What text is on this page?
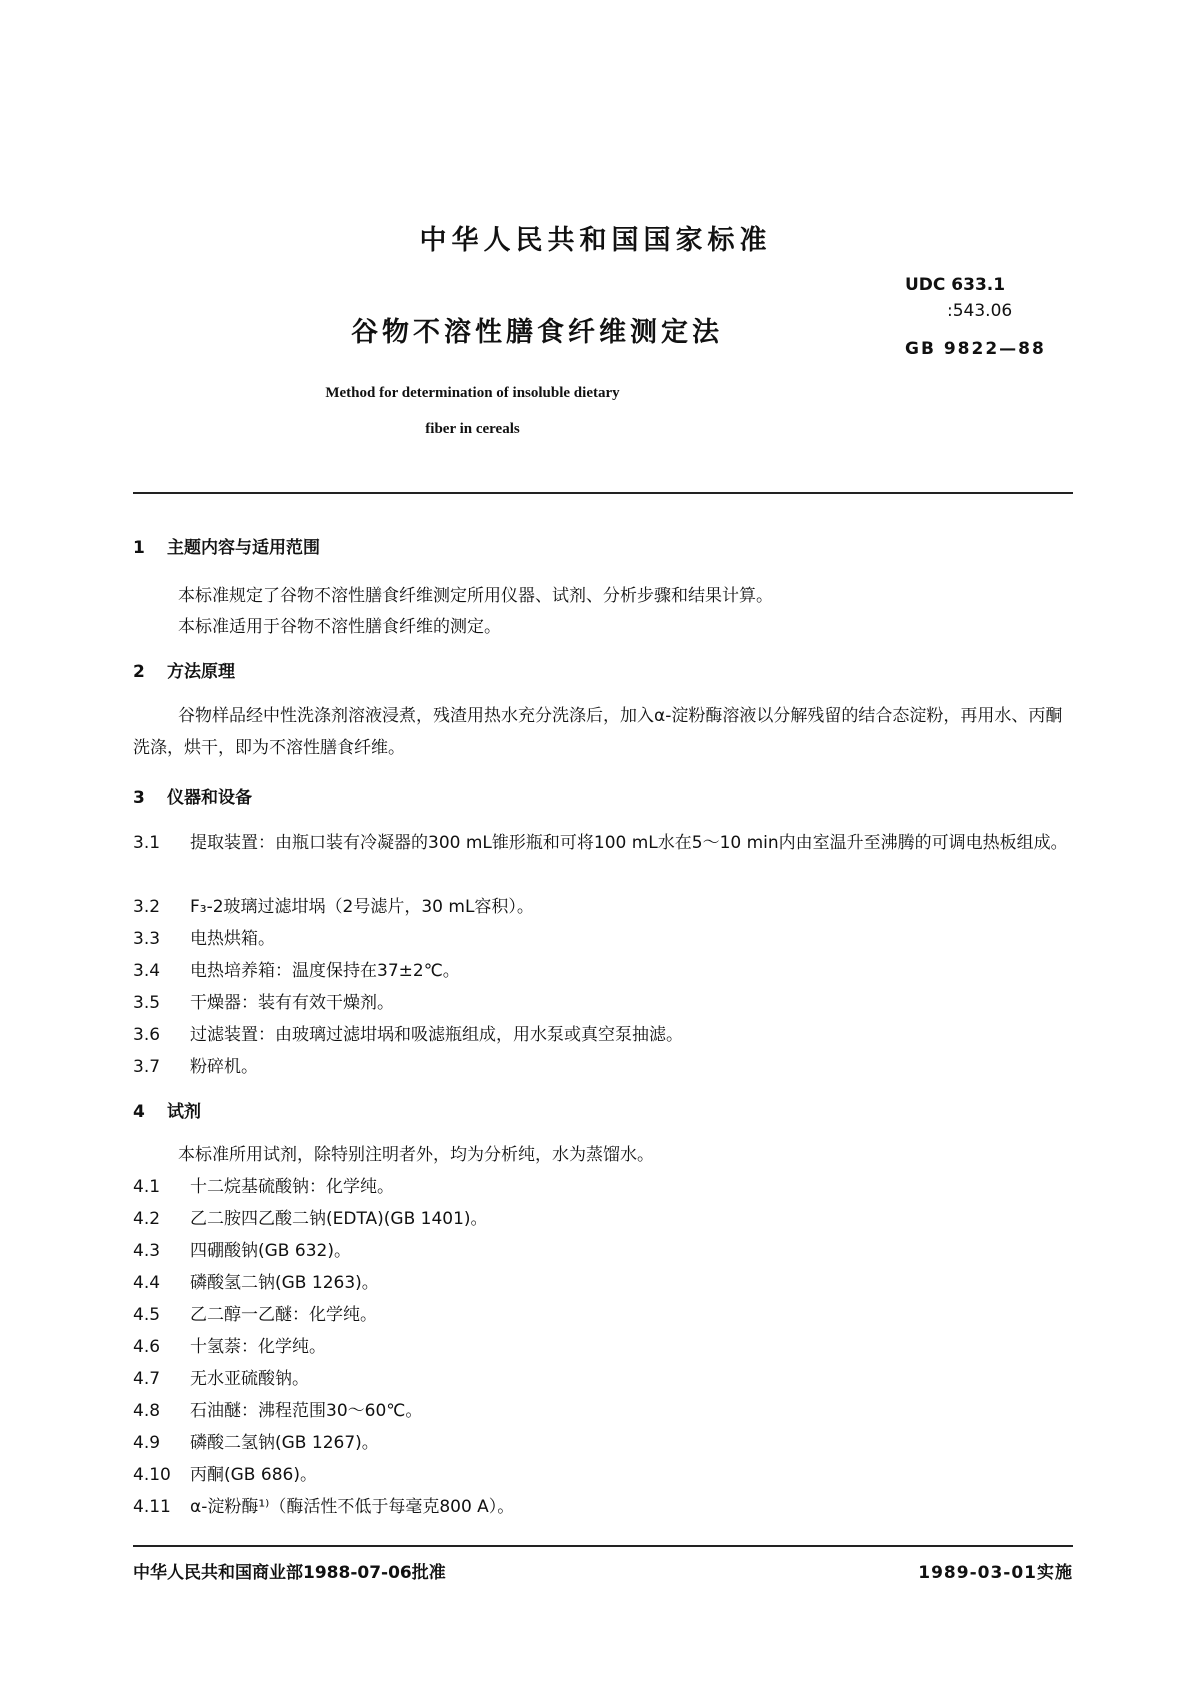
中华人民共和国国家标准
UDC 633.1
:543.06
GB 9822—88
谷物不溶性膳食纤维测定法
Method for determination of insoluble dietary
fiber in cereals
1 主题内容与适用范围
本标准规定了谷物不溶性膳食纤维测定所用仪器、试剂、分析步骤和结果计算。
本标准适用于谷物不溶性膳食纤维的测定。
2 方法原理
谷物样品经中性洗涤剂溶液浸煮，残渣用热水充分洗涤后，加入α-淀粉酶溶液以分解残留的结合态淀粉，再用水、丙酮洗涤，烘干，即为不溶性膳食纤维。
3 仪器和设备
3.1 提取装置：由瓶口装有冷凝器的300 mL锥形瓶和可将100 mL水在5～10 min内由室温升至沸腾的可调电热板组成。
3.2 F₃-2玻璃过滤坩埚（2号滤片，30 mL容积）。
3.3 电热烘箱。
3.4 电热培养箱：温度保持在37±2℃。
3.5 干燥器：装有有效干燥剂。
3.6 过滤装置：由玻璃过滤坩埚和吸滤瓶组成，用水泵或真空泵抽滤。
3.7 粉碎机。
4 试剂
本标准所用试剂，除特别注明者外，均为分析纯，水为蒸馏水。
4.1 十二烷基硫酸钠：化学纯。
4.2 乙二胺四乙酸二钠(EDTA)(GB 1401)。
4.3 四硼酸钠(GB 632)。
4.4 磷酸氢二钠(GB 1263)。
4.5 乙二醇一乙醚：化学纯。
4.6 十氢萘：化学纯。
4.7 无水亚硫酸钠。
4.8 石油醚：沸程范围30～60℃。
4.9 磷酸二氢钠(GB 1267)。
4.10 丙酮(GB 686)。
4.11 α-淀粉酶¹⁾（酶活性不低于每毫克800 A）。
中华人民共和国商业部1988-07-06批准	1989-03-01实施
